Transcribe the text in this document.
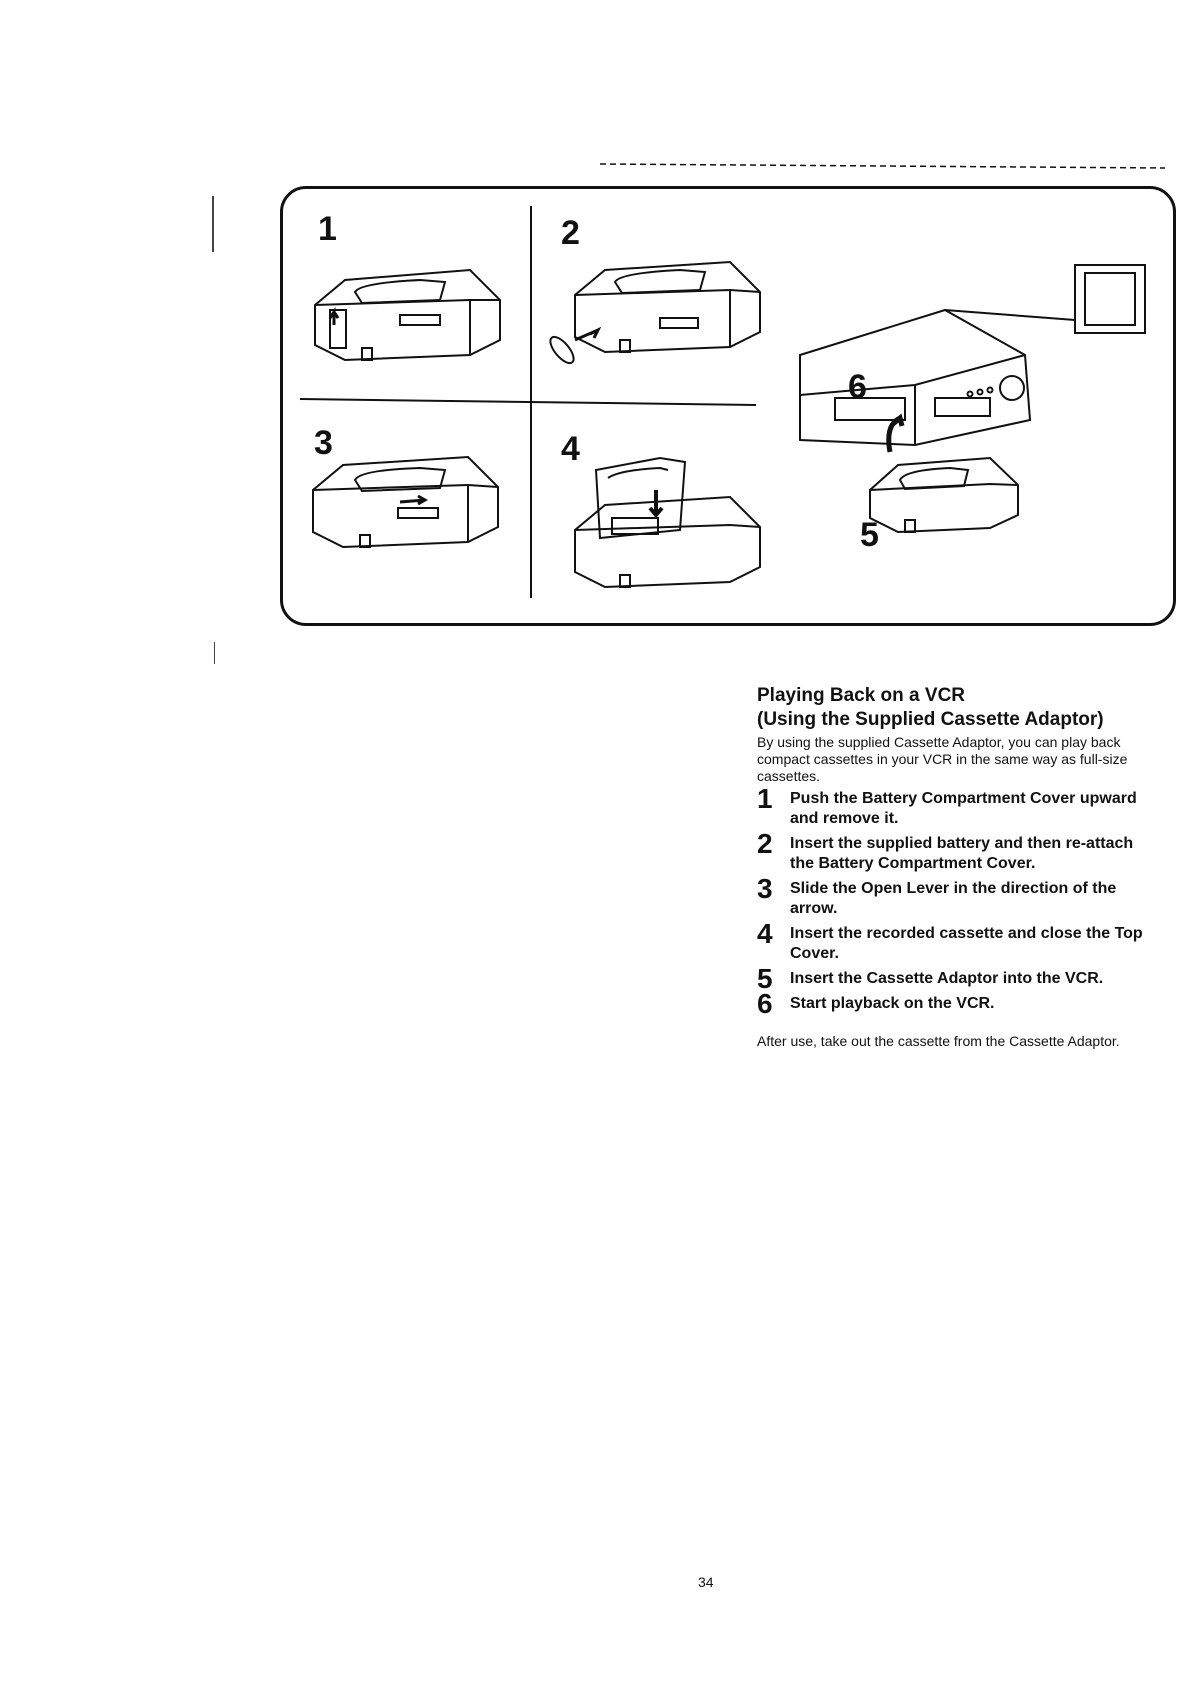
1	2
3	4
5
6
Playing Back on a VCR
(Using the Supplied Cassette Adaptor)

By using the supplied Cassette Adaptor, you can play back compact cassettes in your VCR in the same way as full-size cassettes.

1 Push the Battery Compartment Cover upward and remove it.
2 Insert the supplied battery and then re-attach the Battery Compartment Cover.
3 Slide the Open Lever in the direction of the arrow.
4 Insert the recorded cassette and close the Top Cover.
5 Insert the Cassette Adaptor into the VCR.
6 Start playback on the VCR.

After use, take out the cassette from the Cassette Adaptor.

34
